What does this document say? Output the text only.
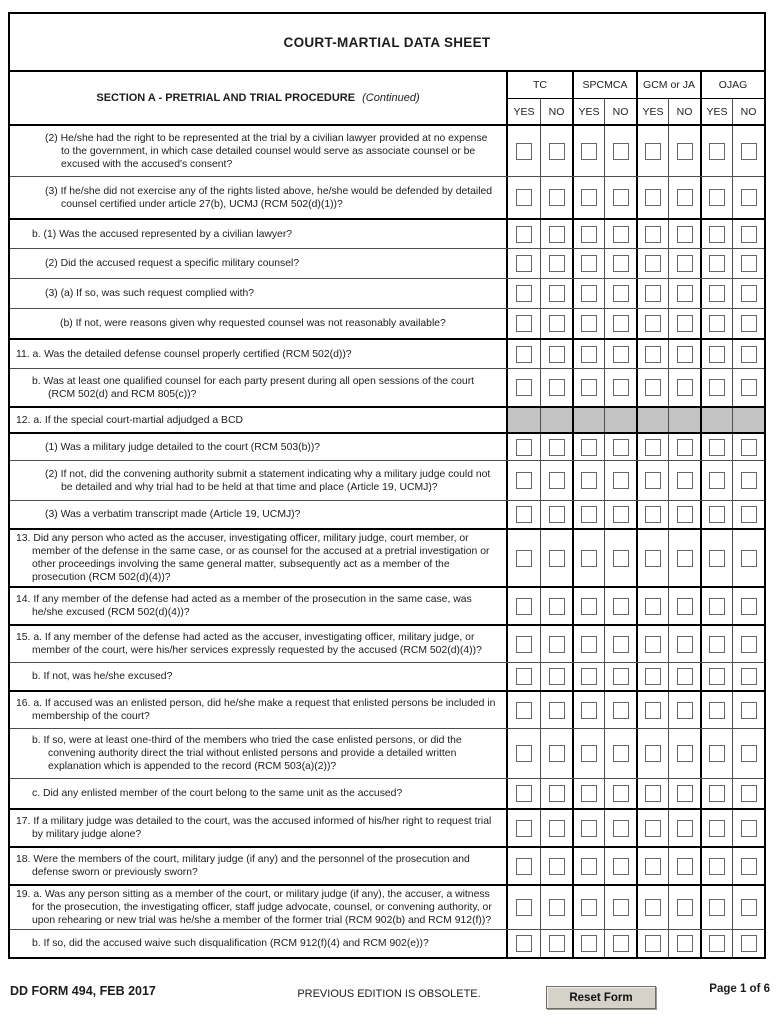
COURT-MARTIAL DATA SHEET
SECTION A - PRETRIAL AND TRIAL PROCEDURE (Continued)
TC	SPCMCA	GCM or JA	OJAG
YES	NO	YES	NO	YES	NO	YES	NO
(2) He/she had the right to be represented at the trial by a civilian lawyer provided at no expense to the government, in which case detailed counsel would serve as associate counsel or be excused with the accused's consent?
(3) If he/she did not exercise any of the rights listed above, he/she would be defended by detailed counsel certified under article 27(b), UCMJ (RCM 502(d)(1))?
b. (1) Was the accused represented by a civilian lawyer?
(2) Did the accused request a specific military counsel?
(3) (a) If so, was such request complied with?
(b) If not, were reasons given why requested counsel was not reasonably available?
11. a. Was the detailed defense counsel properly certified (RCM 502(d))?
b. Was at least one qualified counsel for each party present during all open sessions of the court (RCM 502(d) and RCM 805(c))?
12. a. If the special court-martial adjudged a BCD
(1) Was a military judge detailed to the court (RCM 503(b))?
(2) If not, did the convening authority submit a statement indicating why a military judge could not be detailed and why trial had to be held at that time and place (Article 19, UCMJ)?
(3) Was a verbatim transcript made (Article 19, UCMJ)?
13. Did any person who acted as the accuser, investigating officer, military judge, court member, or member of the defense in the same case, or as counsel for the accused at a pretrial investigation or other proceedings involving the same general matter, subsequently act as a member of the prosecution (RCM 502(d)(4))?
14. If any member of the defense had acted as a member of the prosecution in the same case, was he/she excused (RCM 502(d)(4))?
15. a. If any member of the defense had acted as the accuser, investigating officer, military judge, or member of the court, were his/her services expressly requested by the accused (RCM 502(d)(4))?
b. If not, was he/she excused?
16. a. If accused was an enlisted person, did he/she make a request that enlisted persons be included in membership of the court?
b. If so, were at least one-third of the members who tried the case enlisted persons, or did the convening authority direct the trial without enlisted persons and provide a detailed written explanation which is appended to the record (RCM 503(a)(2))?
c. Did any enlisted member of the court belong to the same unit as the accused?
17. If a military judge was detailed to the court, was the accused informed of his/her right to request trial by military judge alone?
18. Were the members of the court, military judge (if any) and the personnel of the prosecution and defense sworn or previously sworn?
19. a. Was any person sitting as a member of the court, or military judge (if any), the accuser, a witness for the prosecution, the investigating officer, staff judge advocate, counsel, or convening authority, or upon rehearing or new trial was he/she a member of the former trial (RCM 902(b) and RCM 912(f))?
b. If so, did the accused waive such disqualification (RCM 912(f)(4) and RCM 902(e))?
DD FORM 494, FEB 2017	PREVIOUS EDITION IS OBSOLETE.	Reset Form
Page 1 of 6
